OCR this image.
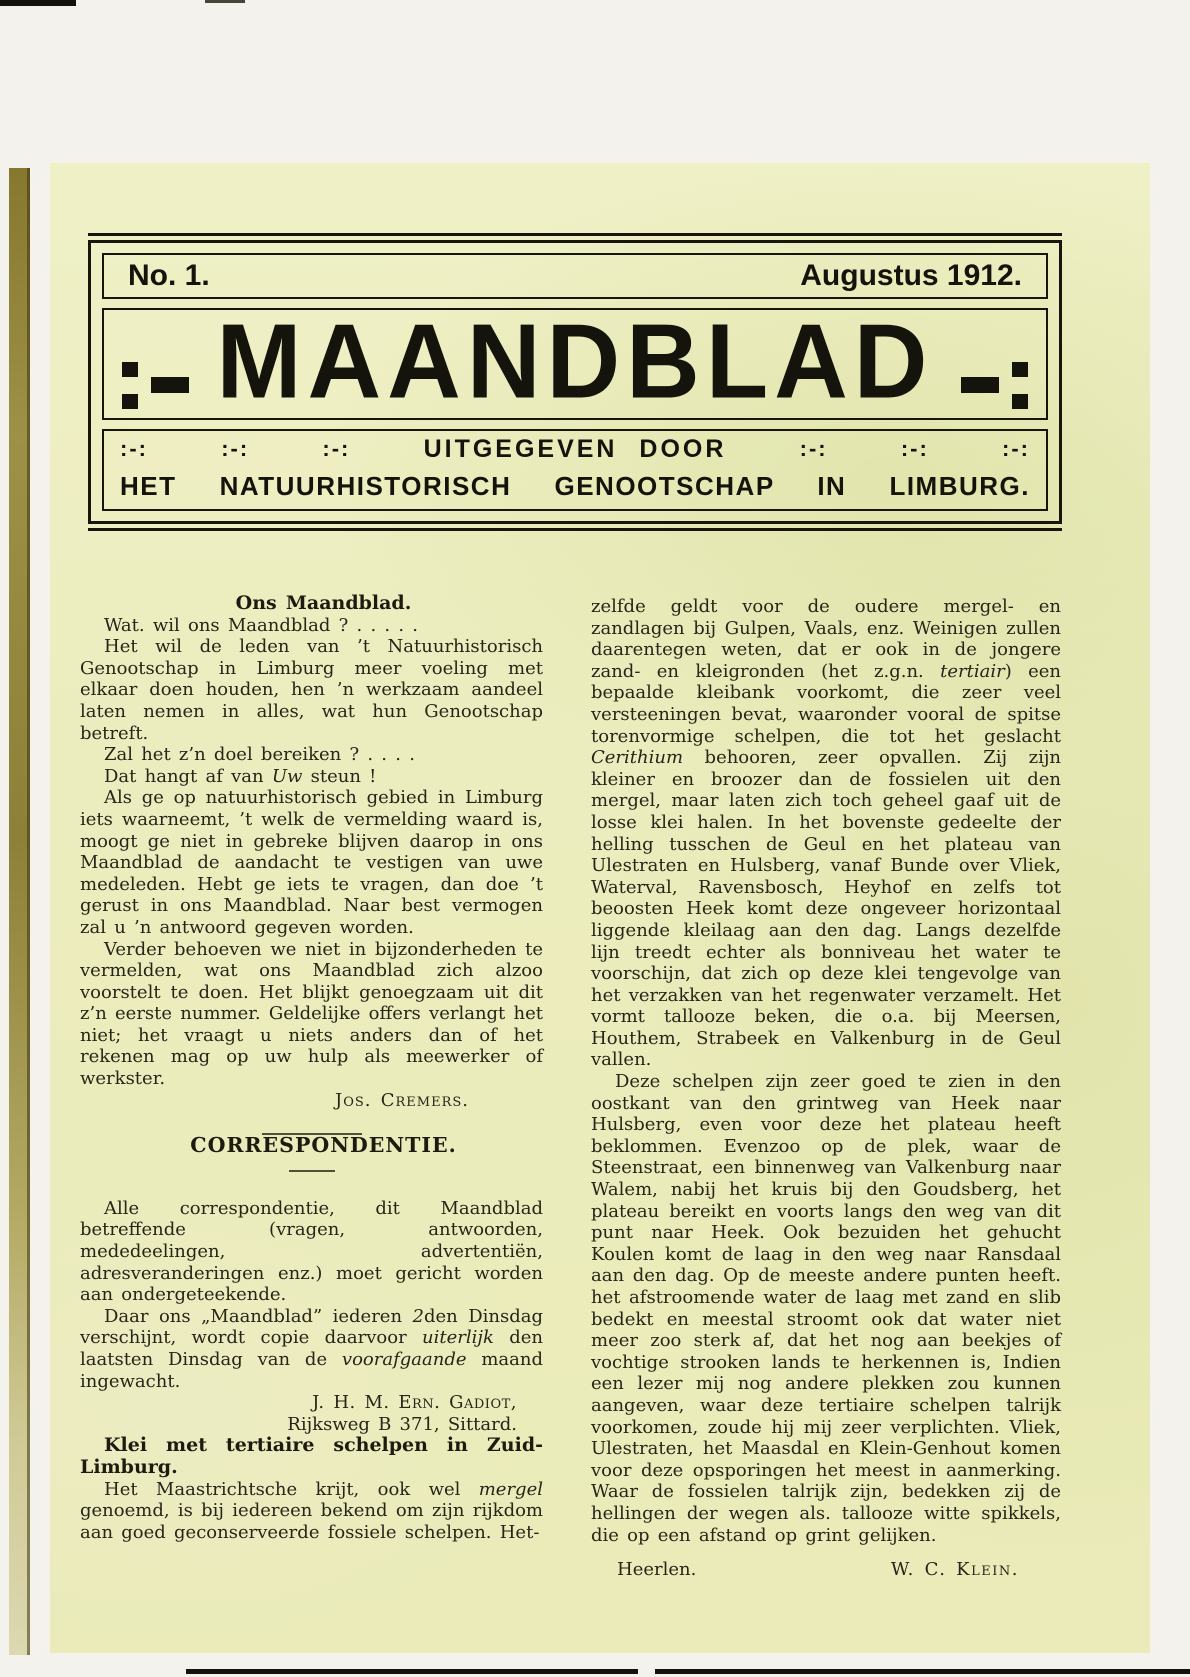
No. 1.	Augustus 1912.
MAANDBLAD
:-:	:-:	:-:	UITGEGEVEN DOOR	:-:	:-:	:-:
HET NATUURHISTORISCH GENOOTSCHAP IN LIMBURG.

Ons Maandblad.

Wat. wil ons Maandblad ? . . . . .

Het wil de leden van ’t Natuurhistorisch Genootschap in Limburg meer voeling met elkaar doen houden, hen ’n werkzaam aandeel laten nemen in alles, wat hun Genootschap betreft.

Zal het z’n doel bereiken ? . . . .

Dat hangt af van Uw steun !

Als ge op natuurhistorisch gebied in Limburg iets waarneemt, ’t welk de vermelding waard is, moogt ge niet in gebreke blijven daarop in ons Maandblad de aandacht te vestigen van uwe medeleden. Hebt ge iets te vragen, dan doe ’t gerust in ons Maandblad. Naar best vermogen zal u ’n antwoord gegeven worden.

Verder behoeven we niet in bijzonderheden te vermelden, wat ons Maandblad zich alzoo voorstelt te doen. Het blijkt genoegzaam uit dit z’n eerste nummer. Geldelijke offers verlangt het niet; het vraagt u niets anders dan of het rekenen mag op uw hulp als meewerker of werkster.

Jos. Cremers.

CORRESPONDENTIE.

Alle correspondentie, dit Maandblad betreffende (vragen, antwoorden, mededeelingen, advertentiën, adresveranderingen enz.) moet gericht worden aan ondergeteekende.

Daar ons „Maandblad” iederen 2den Dinsdag verschijnt, wordt copie daarvoor uiterlijk den laatsten Dinsdag van de voorafgaande maand ingewacht.

J. H. M. Ern. Gadiot,

Rijksweg B 371, Sittard.

Klei met tertiaire schelpen in Zuid-Limburg.

Het Maastrichtsche krijt, ook wel mergel genoemd, is bij iedereen bekend om zijn rijkdom aan goed geconserveerde fossiele schelpen. Het-

zelfde geldt voor de oudere mergel- en zandlagen bij Gulpen, Vaals, enz. Weinigen zullen daarentegen weten, dat er ook in de jongere zand- en kleigronden (het z.g.n. tertiair) een bepaalde kleibank voorkomt, die zeer veel versteeningen bevat, waaronder vooral de spitse torenvormige schelpen, die tot het geslacht Cerithium behooren, zeer opvallen. Zij zijn kleiner en broozer dan de fossielen uit den mergel, maar laten zich toch geheel gaaf uit de losse klei halen. In het bovenste gedeelte der helling tusschen de Geul en het plateau van Ulestraten en Hulsberg, vanaf Bunde over Vliek, Waterval, Ravensbosch, Heyhof en zelfs tot beoosten Heek komt deze ongeveer horizontaal liggende kleilaag aan den dag. Langs dezelfde lijn treedt echter als bonniveau het water te voorschijn, dat zich op deze klei tengevolge van het verzakken van het regenwater verzamelt. Het vormt tallooze beken, die o.a. bij Meersen, Houthem, Strabeek en Valkenburg in de Geul vallen.

Deze schelpen zijn zeer goed te zien in den oostkant van den grintweg van Heek naar Hulsberg, even voor deze het plateau heeft beklommen. Evenzoo op de plek, waar de Steenstraat, een binnenweg van Valkenburg naar Walem, nabij het kruis bij den Goudsberg, het plateau bereikt en voorts langs den weg van dit punt naar Heek. Ook bezuiden het gehucht Koulen komt de laag in den weg naar Ransdaal aan den dag. Op de meeste andere punten heeft. het afstroomende water de laag met zand en slib bedekt en meestal stroomt ook dat water niet meer zoo sterk af, dat het nog aan beekjes of vochtige strooken lands te herkennen is, Indien een lezer mij nog andere plekken zou kunnen aangeven, waar deze tertiaire schelpen talrijk voorkomen, zoude hij mij zeer verplichten. Vliek, Ulestraten, het Maasdal en Klein-Genhout komen voor deze opsporingen het meest in aanmerking. Waar de fossielen talrijk zijn, bedekken zij de hellingen der wegen als. tallooze witte spikkels, die op een afstand op grint gelijken.

Heerlen.	W. C. Klein.
